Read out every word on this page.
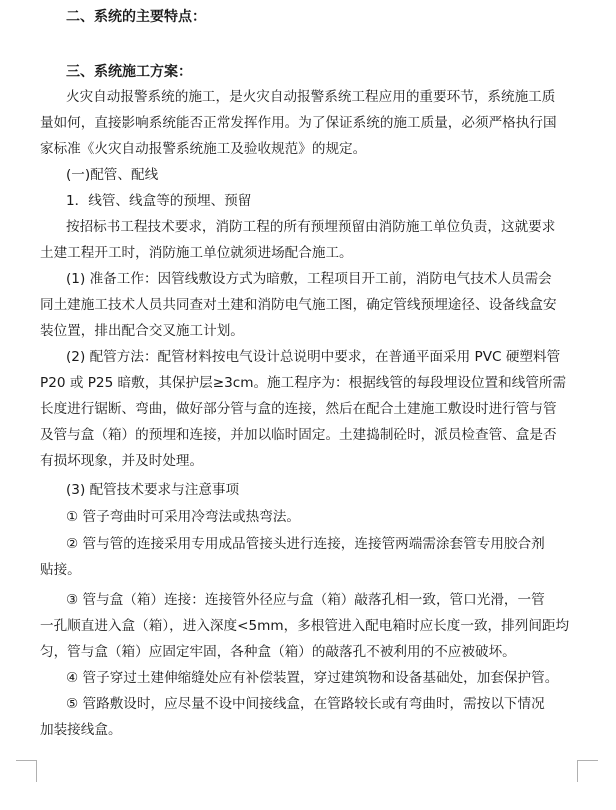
二、系统的主要特点：
三、系统施工方案：
火灾自动报警系统的施工，是火灾自动报警系统工程应用的重要环节，系统施工质
量如何，直接影响系统能否正常发挥作用。为了保证系统的施工质量，必须严格执行国
家标准《火灾自动报警系统施工及验收规范》的规定。
(一)配管、配线
1．线管、线盒等的预埋、预留
按招标书工程技术要求，消防工程的所有预埋预留由消防施工单位负责，这就要求
土建工程开工时，消防施工单位就须进场配合施工。
(1) 准备工作：因管线敷设方式为暗敷，工程项目开工前，消防电气技术人员需会
同土建施工技术人员共同查对土建和消防电气施工图，确定管线预埋途径、设备线盒安
装位置，排出配合交叉施工计划。
(2) 配管方法：配管材料按电气设计总说明中要求，在普通平面采用 PVC 硬塑料管
P20 或 P25 暗敷，其保护层≥3cm。施工程序为：根据线管的每段埋设位置和线管所需
长度进行锯断、弯曲，做好部分管与盒的连接，然后在配合土建施工敷设时进行管与管
及管与盒（箱）的预埋和连接，并加以临时固定。土建捣制砼时，派员检查管、盒是否
有损坏现象，并及时处理。
(3) 配管技术要求与注意事项
① 管子弯曲时可采用冷弯法或热弯法。
② 管与管的连接采用专用成品管接头进行连接，连接管两端需涂套管专用胶合剂
贴接。
③ 管与盒（箱）连接：连接管外径应与盒（箱）敲落孔相一致，管口光滑，一管
一孔顺直进入盒（箱），进入深度<5mm，多根管进入配电箱时应长度一致，排列间距均
匀，管与盒（箱）应固定牢固，各种盒（箱）的敲落孔不被利用的不应被破坏。
④ 管子穿过土建伸缩缝处应有补偿装置，穿过建筑物和设备基础处，加套保护管。
⑤ 管路敷设时，应尽量不设中间接线盒，在管路较长或有弯曲时，需按以下情况
加装接线盒。
